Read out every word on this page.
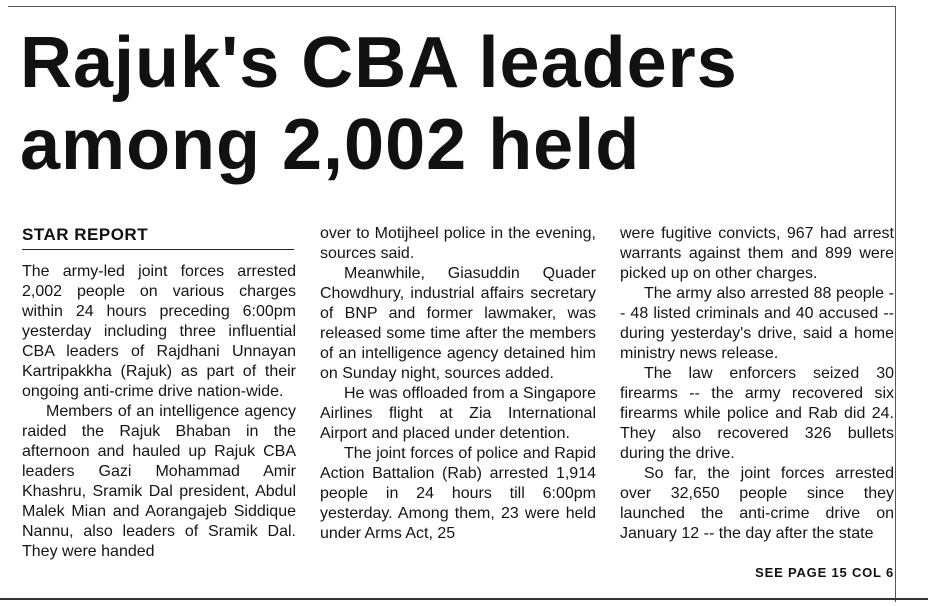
Rajuk's CBA leaders
among 2,002 held
STAR REPORT

The army-led joint forces arrested 2,002 people on various charges within 24 hours preceding 6:00pm yesterday including three influential CBA leaders of Rajdhani Unnayan Kartripakkha (Rajuk) as part of their ongoing anti-crime drive nation-wide.

Members of an intelligence agency raided the Rajuk Bhaban in the afternoon and hauled up Rajuk CBA leaders Gazi Mohammad Amir Khashru, Sramik Dal president, Abdul Malek Mian and Aorangajeb Siddique Nannu, also leaders of Sramik Dal. They were handed

over to Motijheel police in the evening, sources said.

Meanwhile, Giasuddin Quader Chowdhury, industrial affairs secretary of BNP and former lawmaker, was released some time after the members of an intelligence agency detained him on Sunday night, sources added.

He was offloaded from a Singapore Airlines flight at Zia International Airport and placed under detention.

The joint forces of police and Rapid Action Battalion (Rab) arrested 1,914 people in 24 hours till 6:00pm yesterday. Among them, 23 were held under Arms Act, 25

were fugitive convicts, 967 had arrest warrants against them and 899 were picked up on other charges.

The army also arrested 88 people -- 48 listed criminals and 40 accused -- during yesterday's drive, said a home ministry news release.

The law enforcers seized 30 firearms -- the army recovered six firearms while police and Rab did 24. They also recovered 326 bullets during the drive.

So far, the joint forces arrested over 32,650 people since they launched the anti-crime drive on January 12 -- the day after the state

SEE PAGE 15 COL 6
